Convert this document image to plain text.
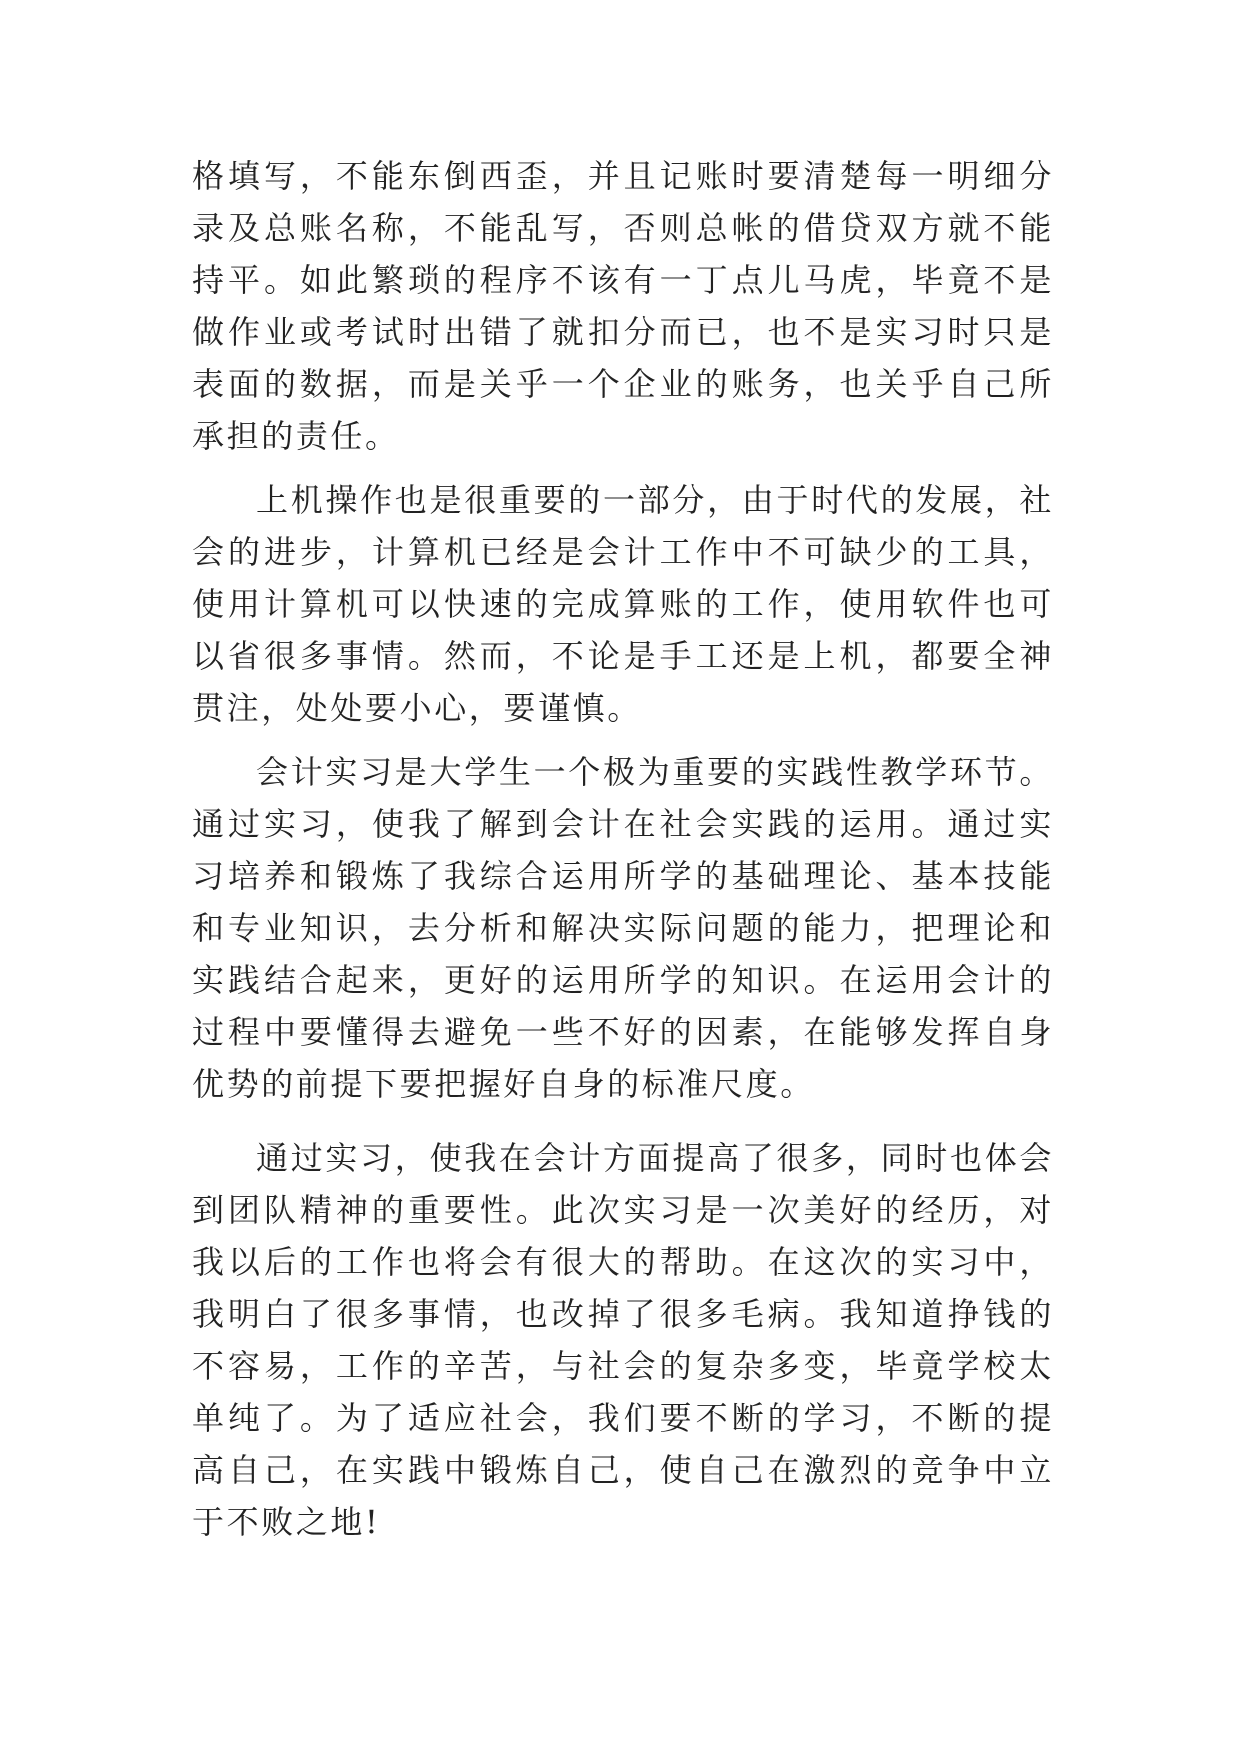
格填写，不能东倒西歪，并且记账时要清楚每一明细分录及总账名称，不能乱写，否则总帐的借贷双方就不能持平。如此繁琐的程序不该有一丁点儿马虎，毕竟不是做作业或考试时出错了就扣分而已，也不是实习时只是表面的数据，而是关乎一个企业的账务，也关乎自己所承担的责任。

上机操作也是很重要的一部分，由于时代的发展，社会的进步，计算机已经是会计工作中不可缺少的工具，使用计算机可以快速的完成算账的工作，使用软件也可以省很多事情。然而，不论是手工还是上机，都要全神贯注，处处要小心，要谨慎。

会计实习是大学生一个极为重要的实践性教学环节。通过实习，使我了解到会计在社会实践的运用。通过实习培养和锻炼了我综合运用所学的基础理论、基本技能和专业知识，去分析和解决实际问题的能力，把理论和实践结合起来，更好的运用所学的知识。在运用会计的过程中要懂得去避免一些不好的因素，在能够发挥自身优势的前提下要把握好自身的标准尺度。

通过实习，使我在会计方面提高了很多，同时也体会到团队精神的重要性。此次实习是一次美好的经历，对我以后的工作也将会有很大的帮助。在这次的实习中，我明白了很多事情，也改掉了很多毛病。我知道挣钱的不容易，工作的辛苦，与社会的复杂多变，毕竟学校太单纯了。为了适应社会，我们要不断的学习，不断的提高自己，在实践中锻炼自己，使自己在激烈的竞争中立于不败之地!
